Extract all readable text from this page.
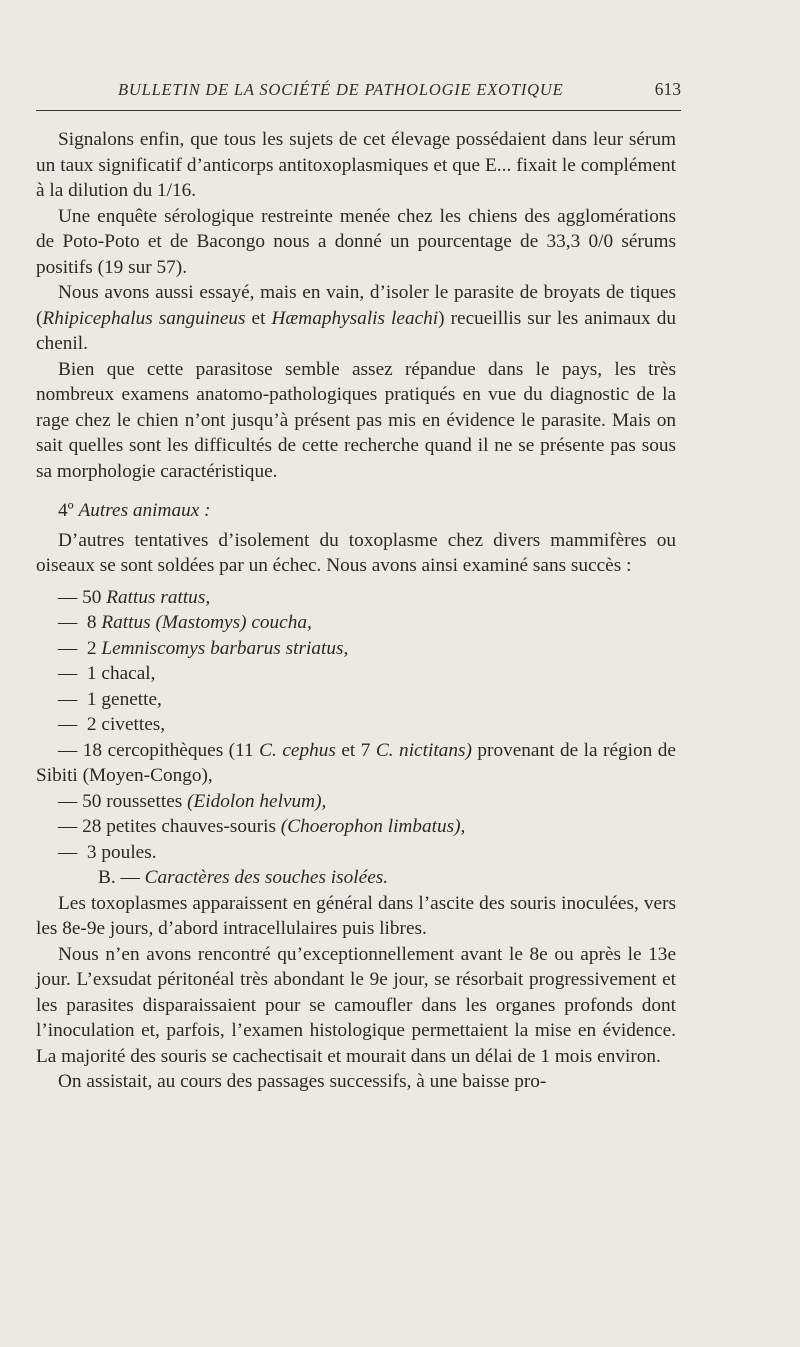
BULLETIN DE LA SOCIÉTÉ DE PATHOLOGIE EXOTIQUE	613

Signalons enfin, que tous les sujets de cet élevage possédaient dans leur sérum un taux significatif d’anticorps antitoxoplasmiques et que E... fixait le complément à la dilution du 1/16.

Une enquête sérologique restreinte menée chez les chiens des agglomérations de Poto-Poto et de Bacongo nous a donné un pourcentage de 33,3 0/0 sérums positifs (19 sur 57).

Nous avons aussi essayé, mais en vain, d’isoler le parasite de broyats de tiques (Rhipicephalus sanguineus et Hæmaphysalis leachi) recueillis sur les animaux du chenil.

Bien que cette parasitose semble assez répandue dans le pays, les très nombreux examens anatomo-pathologiques pratiqués en vue du diagnostic de la rage chez le chien n’ont jusqu’à présent pas mis en évidence le parasite. Mais on sait quelles sont les difficultés de cette recherche quand il ne se présente pas sous sa morphologie caractéristique.

4º Autres animaux :

D’autres tentatives d’isolement du toxoplasme chez divers mammifères ou oiseaux se sont soldées par un échec. Nous avons ainsi examiné sans succès :

— 50 Rattus rattus,
— 8 Rattus (Mastomys) coucha,
— 2 Lemniscomys barbarus striatus,
— 1 chacal,
— 1 genette,
— 2 civettes,

— 18 cercopithèques (11 C. cephus et 7 C. nictitans) provenant de la région de Sibiti (Moyen-Congo),

— 50 roussettes (Eidolon helvum),
— 28 petites chauves-souris (Choerophon limbatus),
— 3 poules.

B. — Caractères des souches isolées.

Les toxoplasmes apparaissent en général dans l’ascite des souris inoculées, vers les 8e-9e jours, d’abord intracellulaires puis libres.

Nous n’en avons rencontré qu’exceptionnellement avant le 8e ou après le 13e jour. L’exsudat péritonéal très abondant le 9e jour, se résorbait progressivement et les parasites disparaissaient pour se camoufler dans les organes profonds dont l’inoculation et, parfois, l’examen histologique permettaient la mise en évidence. La majorité des souris se cachectisait et mourait dans un délai de 1 mois environ.

On assistait, au cours des passages successifs, à une baisse pro-
